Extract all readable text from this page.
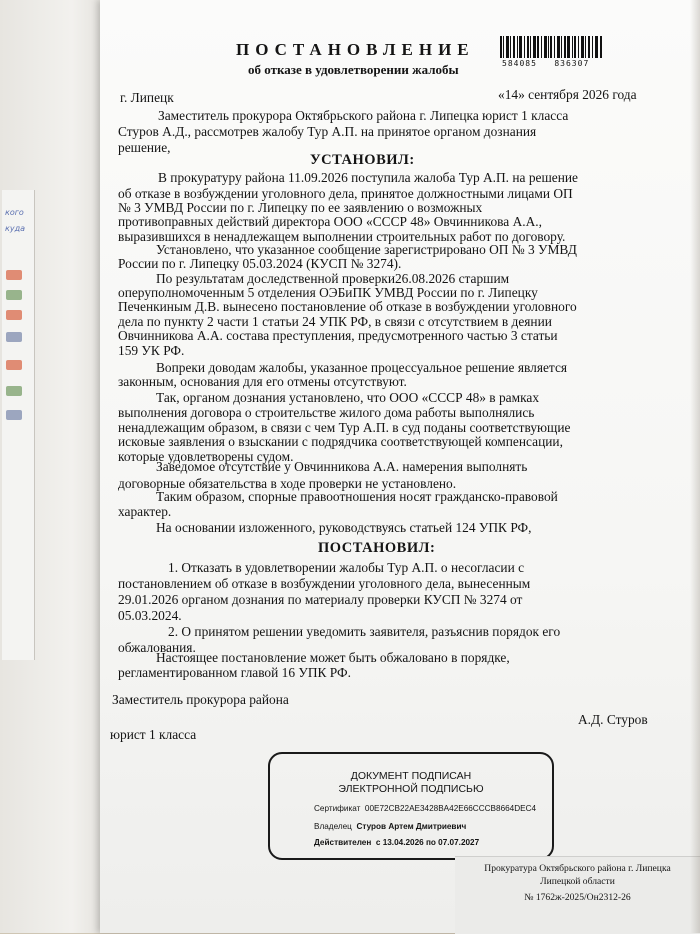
кого
куда
ПОСТАНОВЛЕНИЕ
об отказе в удовлетворении жалобы	584085 836307
г. Липецк	«14» сентября 2026 года
Заместитель прокурора Октябрьского района г. Липецка юрист 1 класса
Стуров А.Д., рассмотрев жалобу Тур А.П. на принятое органом дознания
решение,
УСТАНОВИЛ:
В прокуратуру района 11.09.2026 поступила жалоба Тур А.П. на решение
об отказе в возбуждении уголовного дела, принятое должностными лицами ОП
№ 3 УМВД России по г. Липецку по ее заявлению о возможных
противоправных действий директора ООО «СССР 48» Овчинникова А.А.,
выразившихся в ненадлежащем выполнении строительных работ по договору.
Установлено, что указанное сообщение зарегистрировано ОП № 3 УМВД
России по г. Липецку 05.03.2024 (КУСП № 3274).
По результатам доследственной проверки26.08.2026 старшим
оперуполномоченным 5 отделения ОЭБиПК УМВД России по г. Липецку
Печенкиным Д.В. вынесено постановление об отказе в возбуждении уголовного
дела по пункту 2 части 1 статьи 24 УПК РФ, в связи с отсутствием в деянии
Овчинникова А.А. состава преступления, предусмотренного частью 3 статьи
159 УК РФ.
Вопреки доводам жалобы, указанное процессуальное решение является
законным, основания для его отмены отсутствуют.
Так, органом дознания установлено, что ООО «СССР 48» в рамках
выполнения договора о строительстве жилого дома работы выполнялись
ненадлежащим образом, в связи с чем Тур А.П. в суд поданы соответствующие
исковые заявления о взыскании с подрядчика соответствующей компенсации,
которые удовлетворены судом.
Заведомое отсутствие у Овчинникова А.А. намерения выполнять
договорные обязательства в ходе проверки не установлено.
Таким образом, спорные правоотношения носят гражданско-правовой
характер.
На основании изложенного, руководствуясь статьей 124 УПК РФ,
ПОСТАНОВИЛ:
1. Отказать в удовлетворении жалобы Тур А.П. о несогласии с
постановлением об отказе в возбуждении уголовного дела, вынесенным
29.01.2026 органом дознания по материалу проверки КУСП № 3274 от
05.03.2024.
2. О принятом решении уведомить заявителя, разъяснив порядок его
обжалования.
Настоящее постановление может быть обжаловано в порядке,
регламентированном главой 16 УПК РФ.
Заместитель прокурора района
юрист 1 класса
А.Д. Стуров
ДОКУМЕНТ ПОДПИСАН
ЭЛЕКТРОННОЙ ПОДПИСЬЮ
Сертификат 00E72CB22AE3428BA42E66CCCB8664DEC4
Владелец Стуров Артем Дмитриевич
Действителен с 13.04.2026 по 07.07.2027
Прокуратура Октябрьского района г. Липецка
Липецкой области
№ 1762ж-2025/Он2312-26
